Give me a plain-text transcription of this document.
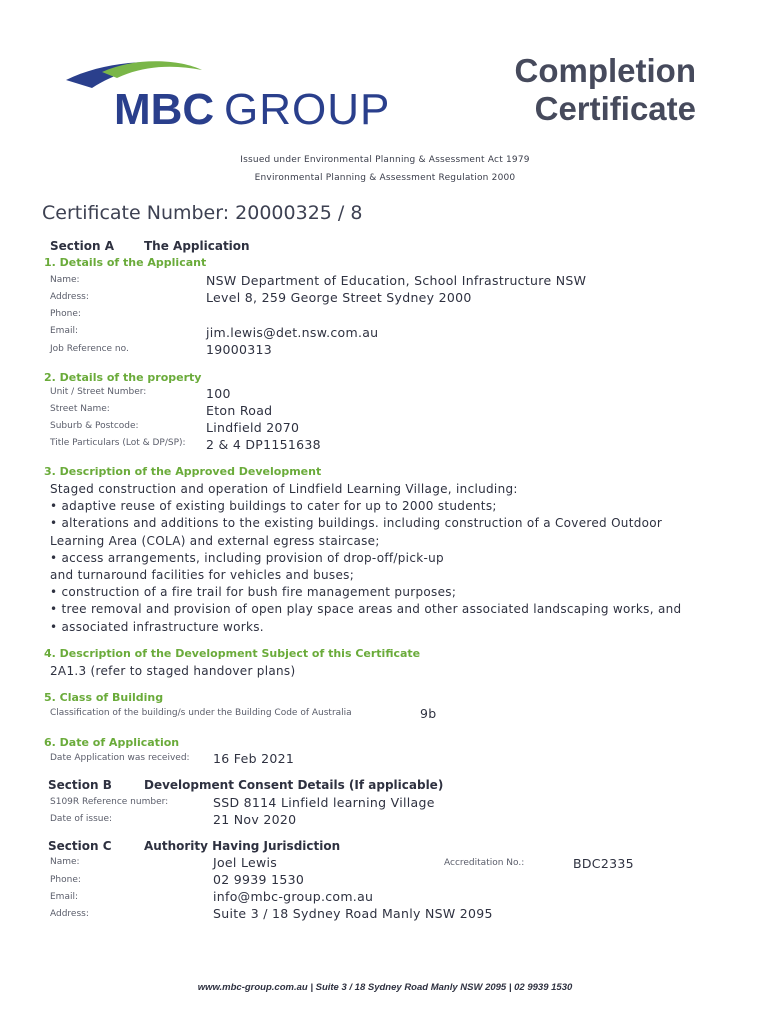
MBC GROUP
Completion
Certificate
Issued under Environmental Planning & Assessment Act 1979
Environmental Planning & Assessment Regulation 2000
Certificate Number: 20000325 / 8
Section A	The Application
1. Details of the Applicant
Name:	NSW Department of Education, School Infrastructure NSW
Address:	Level 8, 259 George Street Sydney 2000
Phone:
Email:	jim.lewis@det.nsw.com.au
Job Reference no.	19000313
2. Details of the property
Unit / Street Number:	100
Street Name:	Eton Road
Suburb & Postcode:	Lindfield 2070
Title Particulars (Lot & DP/SP): 2 & 4 DP1151638
3. Description of the Approved Development
Staged construction and operation of Lindfield Learning Village, including:
• adaptive reuse of existing buildings to cater for up to 2000 students;
• alterations and additions to the existing buildings. including construction of a Covered Outdoor
Learning Area (COLA) and external egress staircase;
• access arrangements, including provision of drop-off/pick-up
and turnaround facilities for vehicles and buses;
• construction of a fire trail for bush fire management purposes;
• tree removal and provision of open play space areas and other associated landscaping works, and
• associated infrastructure works.
4. Description of the Development Subject of this Certificate
2A1.3 (refer to staged handover plans)
5. Class of Building
Classification of the building/s under the Building Code of Australia	9b
6. Date of Application
Date Application was received: 16 Feb 2021
Section B	Development Consent Details (If applicable)
S109R Reference number:	SSD 8114 Linfield learning Village
Date of issue:	21 Nov 2020
Section C	Authority Having Jurisdiction
Name:	Joel Lewis	Accreditation No.:	BDC2335
Phone:	02 9939 1530
Email:	info@mbc-group.com.au
Address:	Suite 3 / 18 Sydney Road Manly NSW 2095
www.mbc-group.com.au | Suite 3 / 18 Sydney Road Manly NSW 2095 | 02 9939 1530
